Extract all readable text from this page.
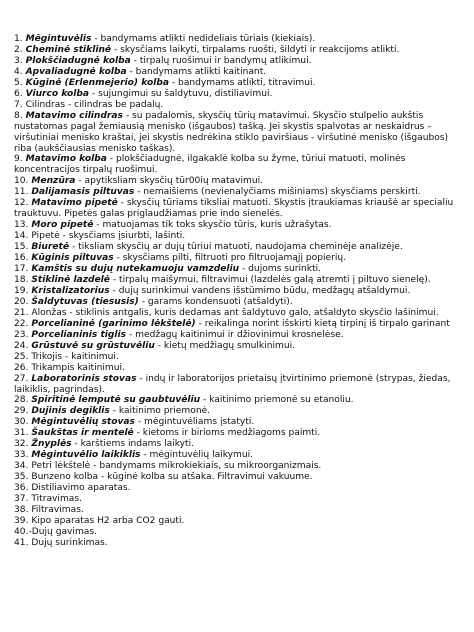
1. Mėgintuvėlis - bandymams atlikti nedideliais tūriais (kiekiais).

2. Cheminė stiklinė - skysčiams laikyti, tirpalams ruošti, šildyti ir reakcijoms atlikti.

3. Plokščiadugnė kolba - tirpalų ruošimui ir bandymų atlikimui.

4. Apvaliadugnė kolba - bandymams atlikti kaitinant.

5. Kūginė (Erlenmejerio) kolba - bandymams atlikti, titravimui.

6. Viurco kolba - sujungimui su šaldytuvu, distiliavimui.

7. Cilindras - cilindras be padalų.

8. Matavimo cilindras - su padalomis, skysčių tūrių matavimui. Skysčio stulpelio aukštis nustatomas pagal žemiausią menisko (išgaubos) tašką. Jei skystis spalvotas ar neskaidrus – viršutiniai menisko kraštai, jei skystis nedrėkina stiklo paviršiaus - viršutinė menisko (išgaubos) riba (aukščiausias menisko taškas).

9. Matavimo kolba - plokščiadugnė, ilgakaklė kolba su žyme, tūriui matuoti, molinės koncentracijos tirpalų ruošimui.

10. Menzūra - apytiksliam skysčių tūr00ių matavimui.

11. Dalijamasis piltuvas - nemaišiems (nevienalyčiams mišiniams) skysčiams perskirti.

12. Matavimo pipetė - skysčių tūriams tiksliai matuoti. Skystis įtraukiamas kriaušė ar specialiu trauktuvu. Pipetės galas priglaudžiamas prie indo sienelės.

13. Moro pipetė - matuojamas tik toks skysčio tūris, kuris užrašytas.

14. Pipetė - skysčiams įsiurbti, lašinti.

15. Biuretė - tiksliam skysčių ar dujų tūriui matuoti, naudojama cheminėje analizėje.

16. Kūginis piltuvas - skysčiams pilti, filtruoti pro filtruojamąjį popierių.

17. Kamštis su dujų nutekamuoju vamzdeliu - dujoms surinkti.

18. Stiklinė lazdelė - tirpalų maišymui, filtravimui (lazdelės galą atremti į piltuvo sienelę).

19. Kristalizatorius - dujų surinkimui vandens išstūmimo būdu, medžagų atšaldymui.

20. Šaldytuvas (tiesusis) - garams kondensuoti (atšaldyti).

21. Alonžas - stiklinis antgalis, kuris dedamas ant šaldytuvo galo, atšaldyto skysčio lašinimui.

22. Porcelianinė (garinimo lėkštelė) - reikalinga norint išskirti kietą tirpinį iš tirpalo garinant

23. Porcelianinis tiglis - medžagų kaitinimui ir džiovinimui krosnelėse.

24. Grūstuvė su grūstuvėliu - kietų medžiagų smulkinimui.

25. Trikojis - kaitinimui.

26. Trikampis kaitinimui.

27. Laboratorinis stovas - indų ir laboratorijos prietaisų įtvirtinimo priemonė (strypas, žiedas, laikiklis, pagrindas).

28. Spiritinė lemputė su gaubtuvėliu - kaitinimo priemonė su etanoliu.

29. Dujinis degiklis - kaitinimo priemonė.

30. Mėgintuvėlių stovas - mėgintuvėliams įstatyti.

31. Šaukštas ir mentelė - kietoms ir birioms medžiagoms paimti.

32. Žnyplės - karštiems indams laikyti.

33. Mėgintuvėlio laikiklis - mėgintuvėlių laikymui.

34. Petri lėkštelė - bandymams mikrokiekiais, su mikroorganizmais.

35. Bunzeno kolba - kūginė kolba su atšaka. Filtravimui vakuume.

36. Distiliavimo aparatas.

37. Titravimas.

38. Filtravimas.

39. Kipo aparatas H2 arba CO2 gauti.

40.-Dujų gavimas.

41. Dujų surinkimas.
